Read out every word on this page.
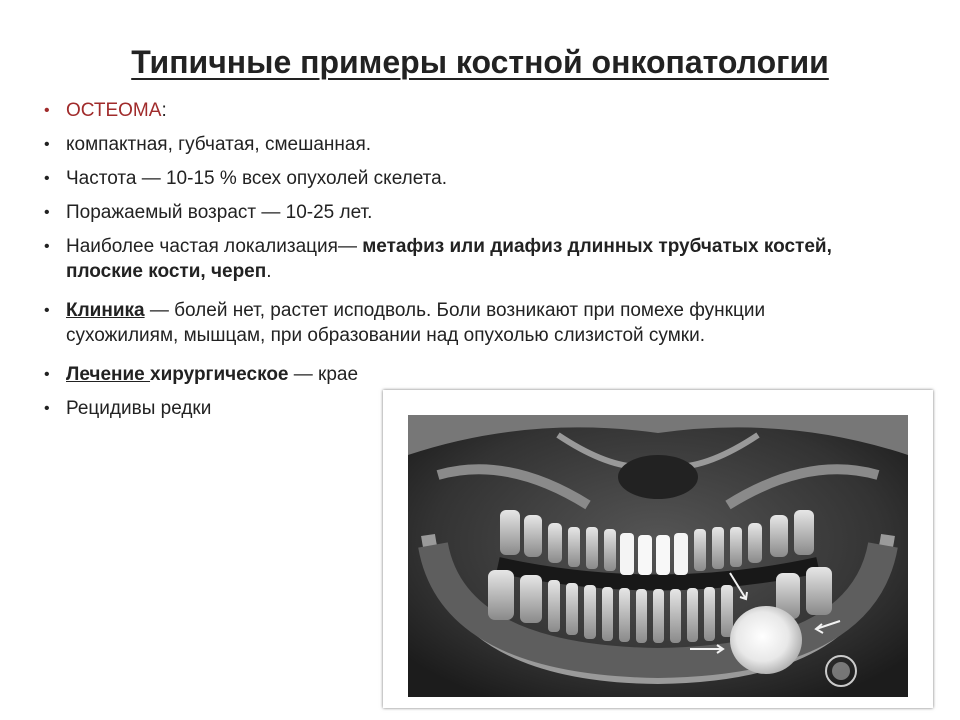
Типичные примеры костной онкопатологии
• ОСТЕОМА:
• компактная, губчатая, смешанная.
• Частота — 10-15 % всех опухолей скелета.
• Поражаемый возраст — 10-25 лет.
• Наиболее частая локализация— метафиз или диафиз длинных трубчатых костей, плоские кости, череп.
• Клиника — болей нет, растет исподволь. Боли возникают при помехе функции сухожилиям, мышцам, при образовании над опухолью слизистой сумки.
• Лечение хирургическое — крае
• Рецидивы редки
